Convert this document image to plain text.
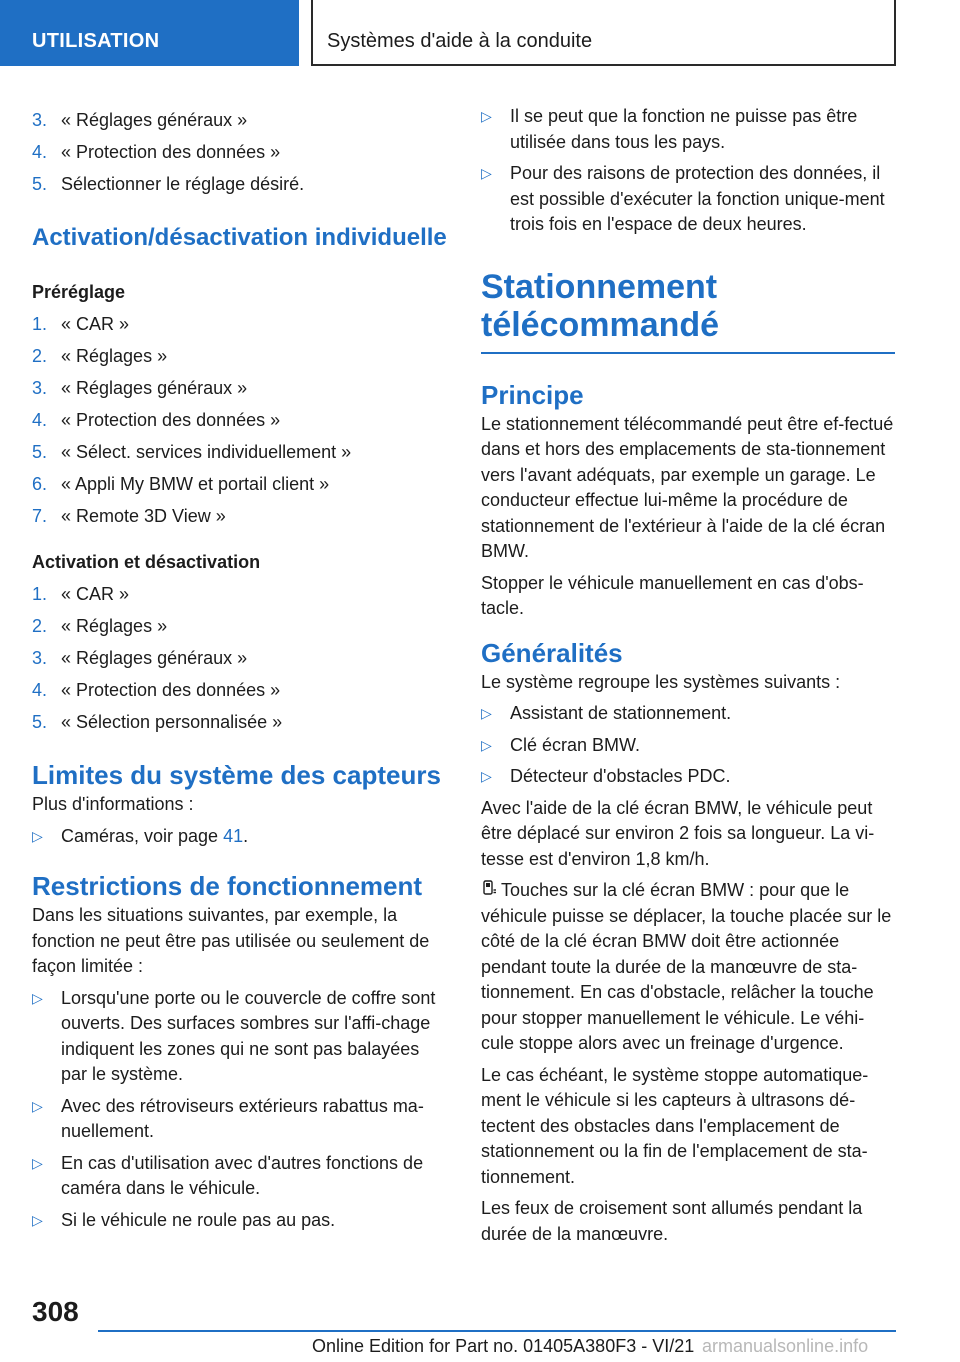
UTILISATION	Systèmes d'aide à la conduite
3. « Réglages généraux »
4. « Protection des données »
5. Sélectionner le réglage désiré.
Activation/désactivation individuelle
Préréglage
1. « CAR »
2. « Réglages »
3. « Réglages généraux »
4. « Protection des données »
5. « Sélect. services individuellement »
6. « Appli My BMW et portail client »
7. « Remote 3D View »
Activation et désactivation
1. « CAR »
2. « Réglages »
3. « Réglages généraux »
4. « Protection des données »
5. « Sélection personnalisée »
Limites du système des capteurs

Plus d'informations :

▷	Caméras, voir page 41.
Restrictions de fonctionnement

Dans les situations suivantes, par exemple, la fonction ne peut être pas utilisée ou seulement de façon limitée :

▷	Lorsqu'une porte ou le couvercle de coffre sont ouverts. Des surfaces sombres sur l'affi-chage indiquent les zones qui ne sont pas balayées par le système.
▷	Avec des rétroviseurs extérieurs rabattus ma-nuellement.
▷	En cas d'utilisation avec d'autres fonctions de caméra dans le véhicule.
▷	Si le véhicule ne roule pas au pas.
▷	Il se peut que la fonction ne puisse pas être utilisée dans tous les pays.
▷	Pour des raisons de protection des données, il est possible d'exécuter la fonction unique-ment trois fois en l'espace de deux heures.
Stationnement télécommandé
Principe

Le stationnement télécommandé peut être ef-fectué dans et hors des emplacements de sta-tionnement vers l'avant adéquats, par exemple un garage. Le conducteur effectue lui-même la procédure de stationnement de l'extérieur à l'aide de la clé écran BMW.

Stopper le véhicule manuellement en cas d'obs-tacle.

Généralités

Le système regroupe les systèmes suivants :

▷	Assistant de stationnement.
▷	Clé écran BMW.
▷	Détecteur d'obstacles PDC.

Avec l'aide de la clé écran BMW, le véhicule peut être déplacé sur environ 2 fois sa longueur. La vi-tesse est d'environ 1,8 km/h.

Touches sur la clé écran BMW : pour que le véhicule puisse se déplacer, la touche placée sur le côté de la clé écran BMW doit être actionnée pendant toute la durée de la manœuvre de sta-tionnement. En cas d'obstacle, relâcher la touche pour stopper manuellement le véhicule. Le véhi-cule stoppe alors avec un freinage d'urgence.

Le cas échéant, le système stoppe automatique-ment le véhicule si les capteurs à ultrasons dé-tectent des obstacles dans l'emplacement de stationnement ou la fin de l'emplacement de sta-tionnement.

Les feux de croisement sont allumés pendant la durée de la manœuvre.

308
Online Edition for Part no. 01405A380F3 - VI/21 armanualsonline.info
